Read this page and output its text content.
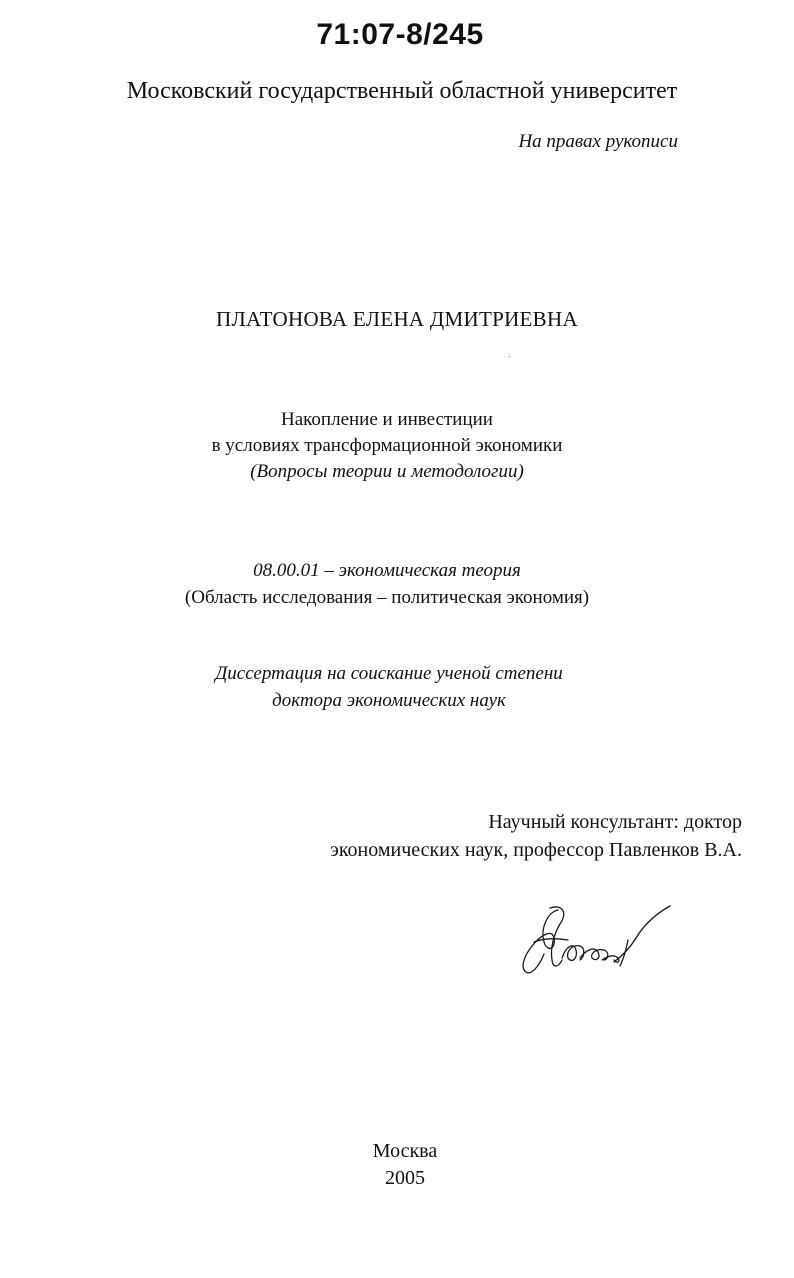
71:07-8/245
Московский государственный областной университет
На правах рукописи
ПЛАТОНОВА ЕЛЕНА ДМИТРИЕВНА
Накопление и инвестиции
в условиях трансформационной экономики
(Вопросы теории и методологии)
08.00.01 – экономическая теория
(Область исследования – политическая экономия)
Диссертация на соискание ученой степени
доктора экономических наук
Научный консультант: доктор
экономических наук, профессор Павленков В.А.
Москва
2005
